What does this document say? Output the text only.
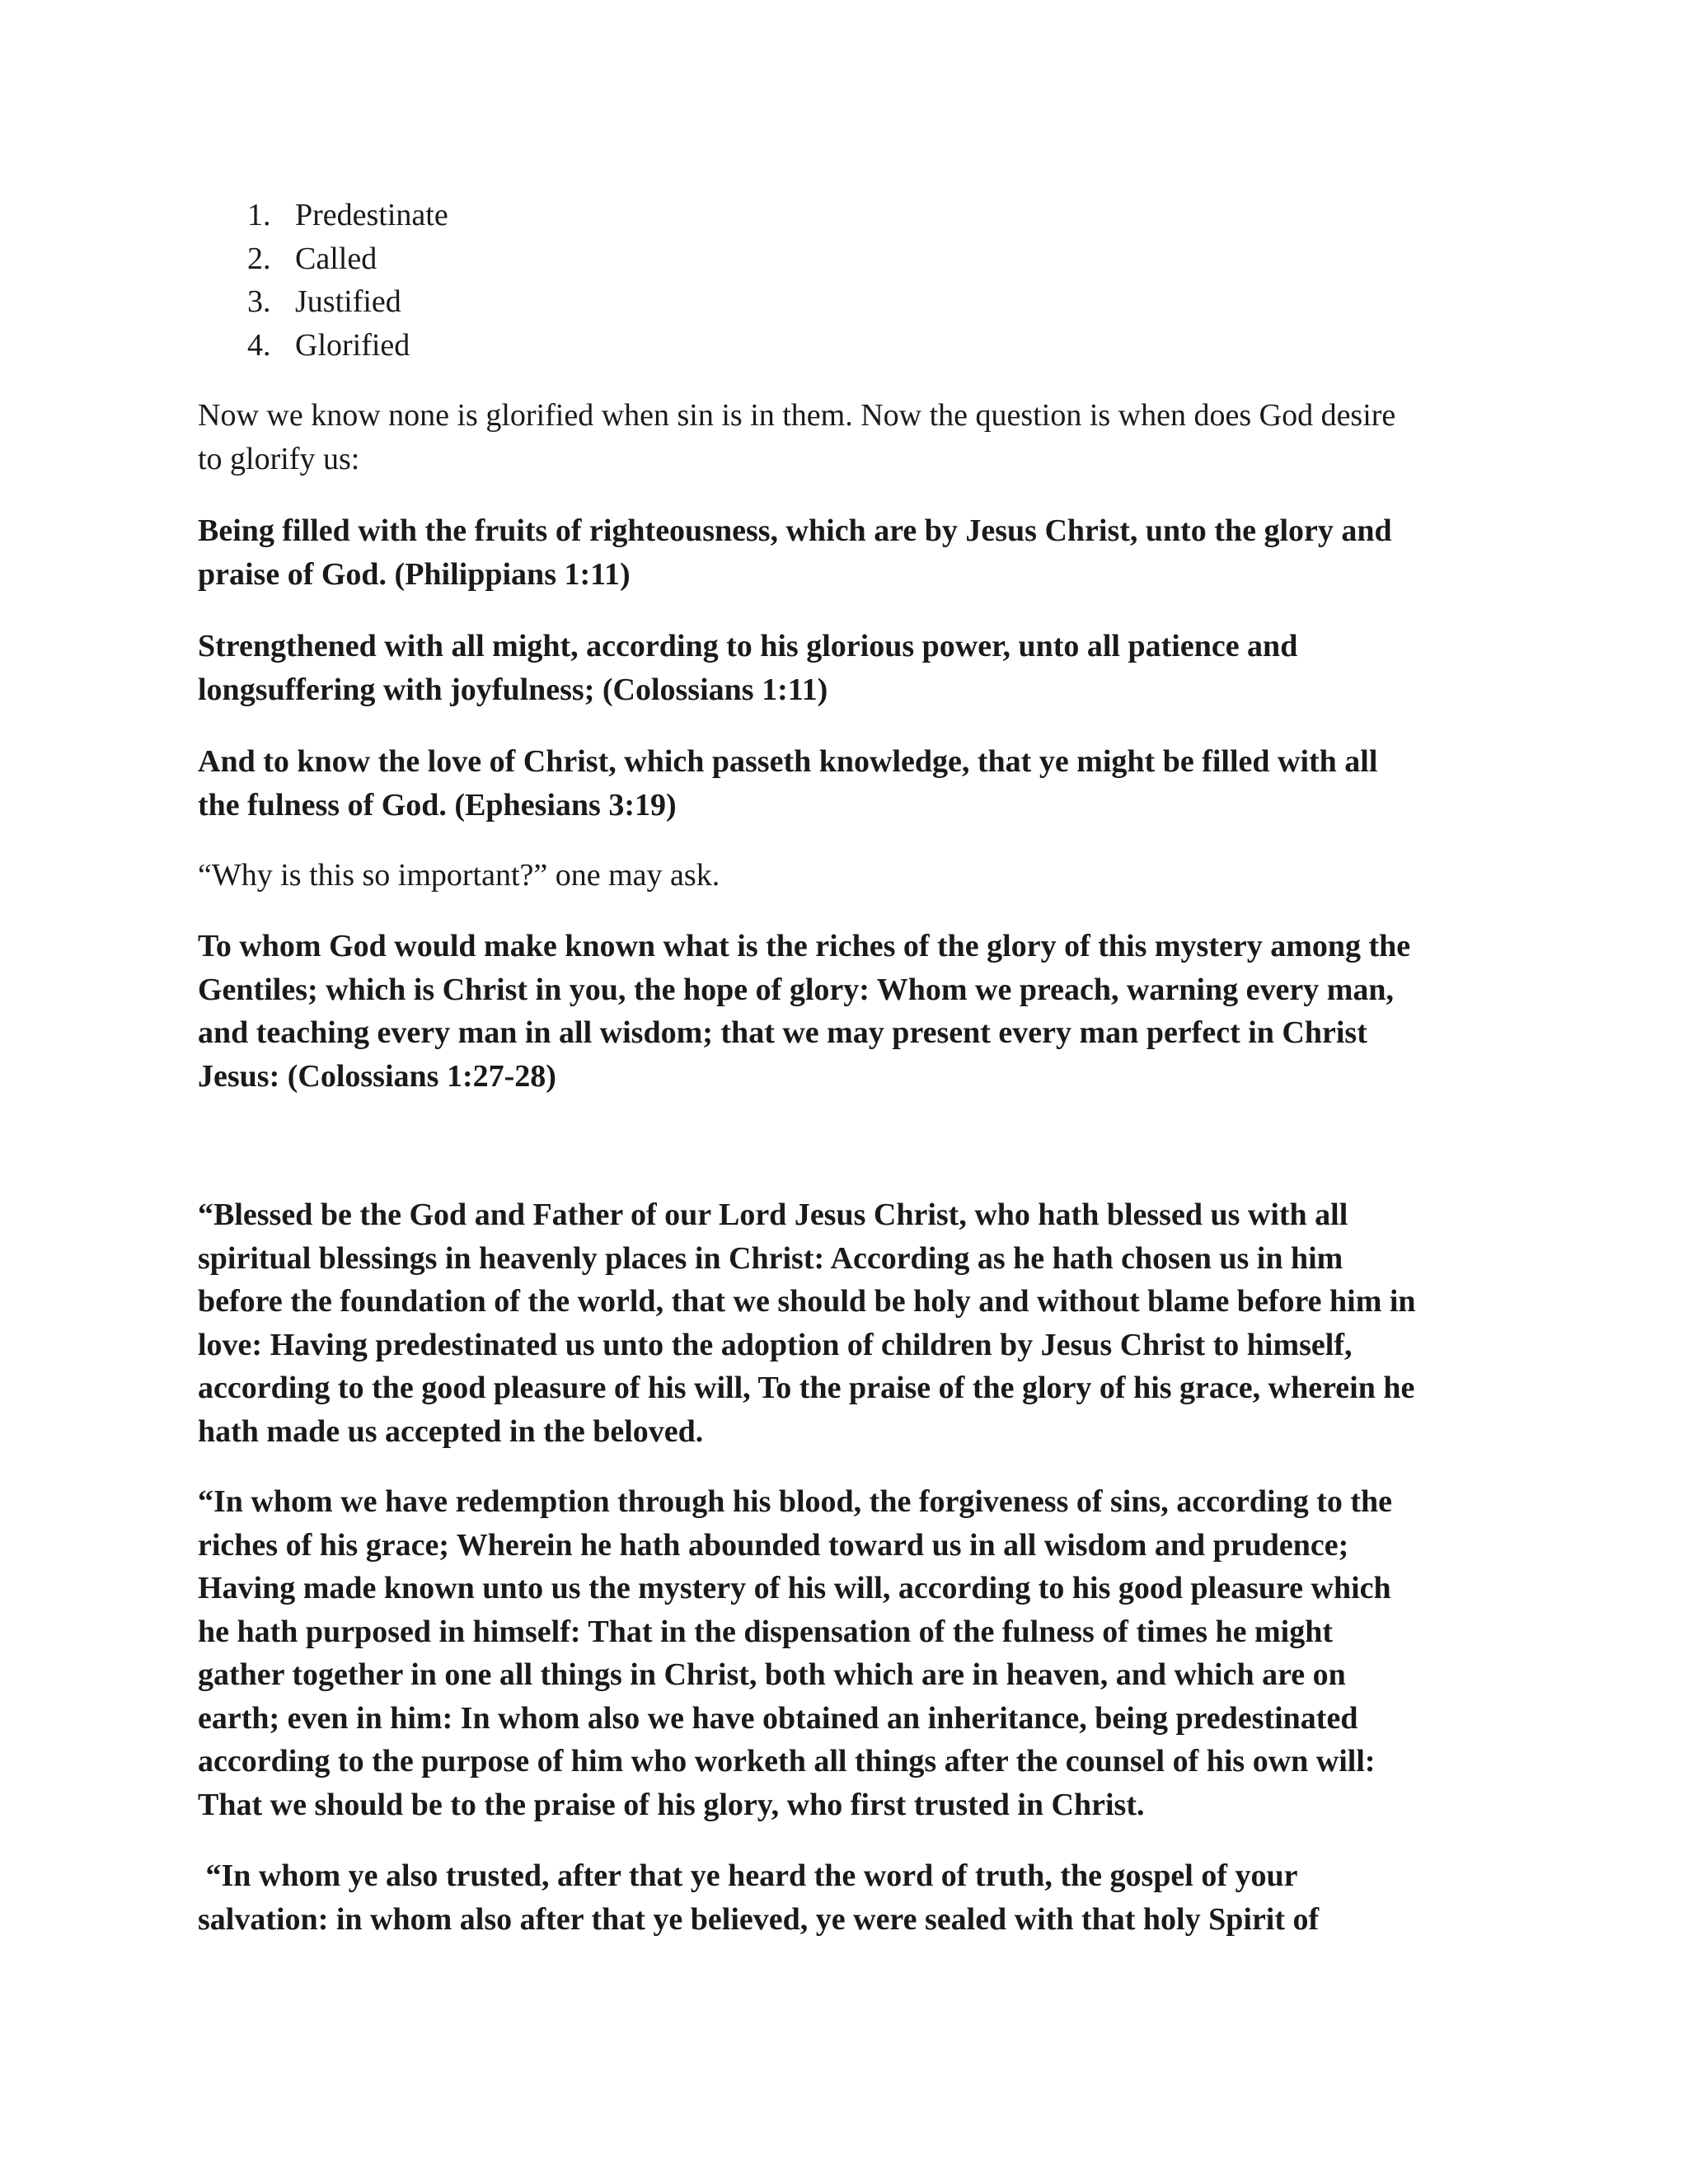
1. Predestinate
2. Called
3. Justified
4. Glorified

Now we know none is glorified when sin is in them. Now the question is when does God desire
to glorify us:

Being filled with the fruits of righteousness, which are by Jesus Christ, unto the glory and
praise of God. (Philippians 1:11)

Strengthened with all might, according to his glorious power, unto all patience and
longsuffering with joyfulness; (Colossians 1:11)

And to know the love of Christ, which passeth knowledge, that ye might be filled with all
the fulness of God. (Ephesians 3:19)

“Why is this so important?” one may ask.

To whom God would make known what is the riches of the glory of this mystery among the
Gentiles; which is Christ in you, the hope of glory: Whom we preach, warning every man,
and teaching every man in all wisdom; that we may present every man perfect in Christ
Jesus: (Colossians 1:27-28)

“Blessed be the God and Father of our Lord Jesus Christ, who hath blessed us with all
spiritual blessings in heavenly places in Christ: According as he hath chosen us in him
before the foundation of the world, that we should be holy and without blame before him in
love: Having predestinated us unto the adoption of children by Jesus Christ to himself,
according to the good pleasure of his will, To the praise of the glory of his grace, wherein he
hath made us accepted in the beloved.

“In whom we have redemption through his blood, the forgiveness of sins, according to the
riches of his grace; Wherein he hath abounded toward us in all wisdom and prudence;
Having made known unto us the mystery of his will, according to his good pleasure which
he hath purposed in himself: That in the dispensation of the fulness of times he might
gather together in one all things in Christ, both which are in heaven, and which are on
earth; even in him: In whom also we have obtained an inheritance, being predestinated
according to the purpose of him who worketh all things after the counsel of his own will:
That we should be to the praise of his glory, who first trusted in Christ.

“In whom ye also trusted, after that ye heard the word of truth, the gospel of your
salvation: in whom also after that ye believed, ye were sealed with that holy Spirit of
